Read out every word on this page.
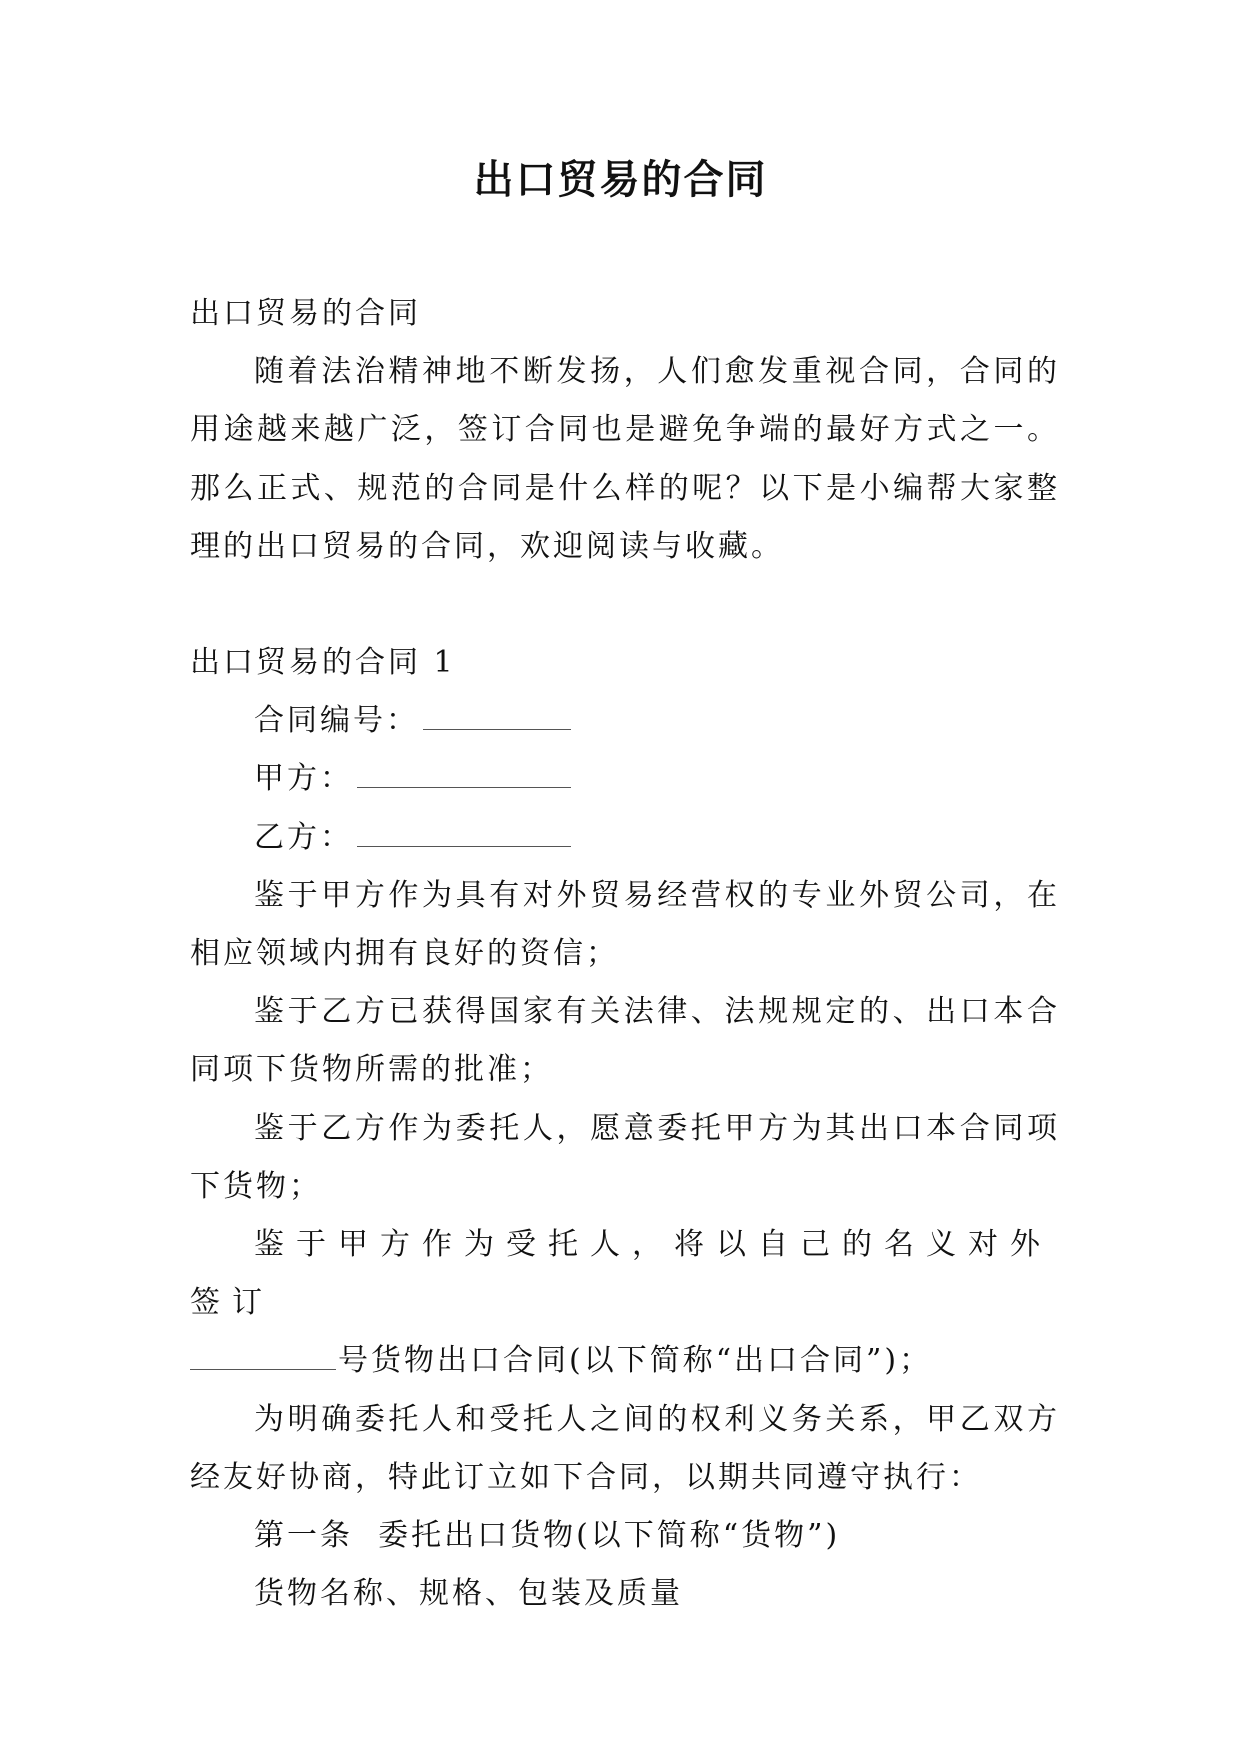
出口贸易的合同

出口贸易的合同

随着法治精神地不断发扬，人们愈发重视合同，合同的用途越来越广泛，签订合同也是避免争端的最好方式之一。那么正式、规范的合同是什么样的呢？以下是小编帮大家整理的出口贸易的合同，欢迎阅读与收藏。

出口贸易的合同 1

合同编号：

甲方：

乙方：

鉴于甲方作为具有对外贸易经营权的专业外贸公司，在相应领域内拥有良好的资信；

鉴于乙方已获得国家有关法律、法规规定的、出口本合同项下货物所需的批准；

鉴于乙方作为委托人，愿意委托甲方为其出口本合同项下货物；

鉴于甲方作为受托人，将以自己的名义对外签订

号货物出口合同(以下简称“出口合同”)；

为明确委托人和受托人之间的权利义务关系，甲乙双方经友好协商，特此订立如下合同，以期共同遵守执行：

第一条  委托出口货物(以下简称“货物”)

货物名称、规格、包装及质量
